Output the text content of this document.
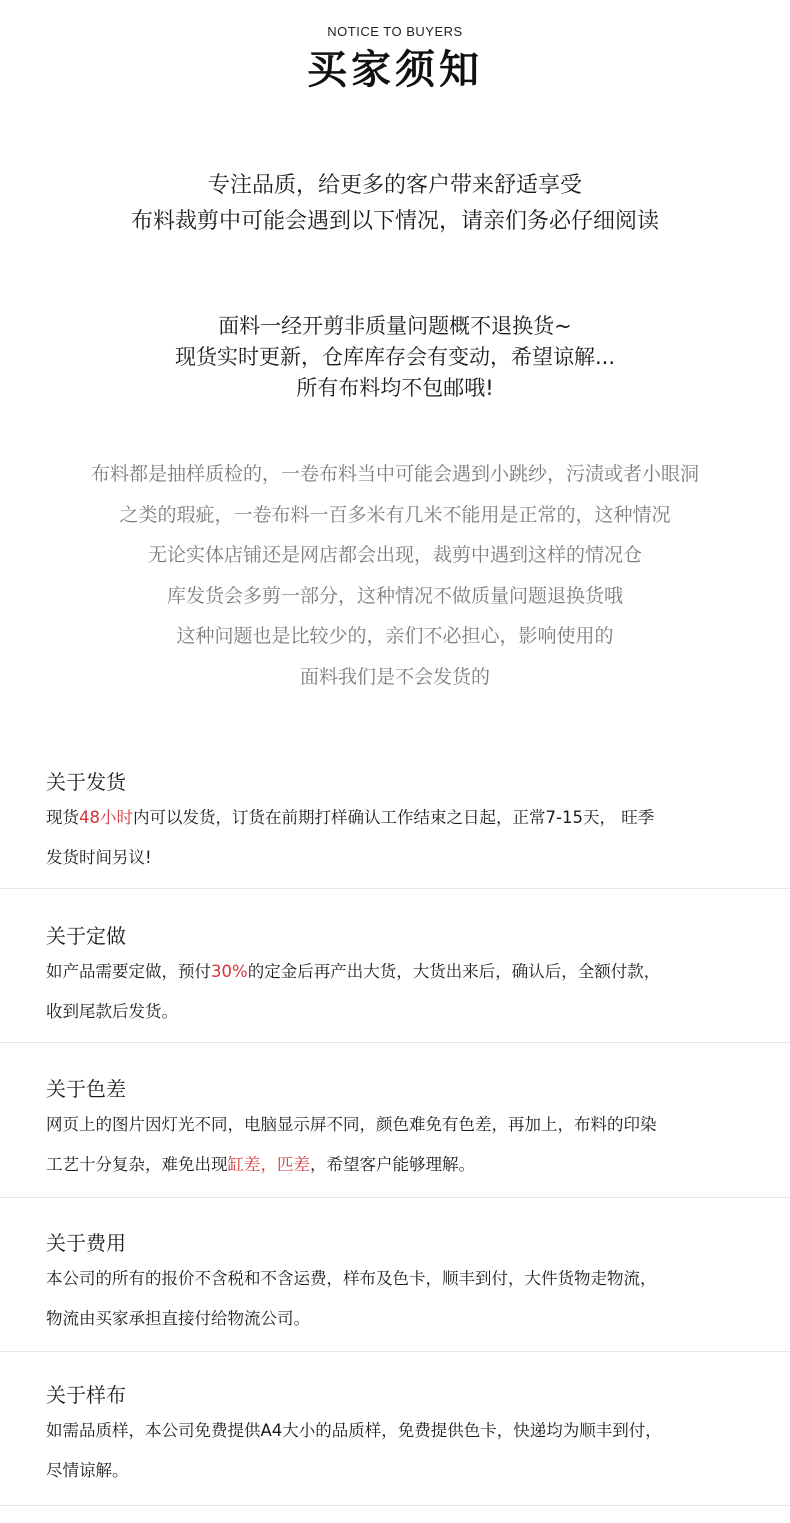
NOTICE TO BUYERS
买家须知
专注品质，给更多的客户带来舒适享受
布料裁剪中可能会遇到以下情况，请亲们务必仔细阅读
面料一经开剪非质量问题概不退换货~
现货实时更新，仓库库存会有变动，希望谅解...
所有布料均不包邮哦!
布料都是抽样质检的，一卷布料当中可能会遇到小跳纱，污渍或者小眼洞
之类的瑕疵，一卷布料一百多米有几米不能用是正常的，这种情况
无论实体店铺还是网店都会出现，裁剪中遇到这样的情况仓
库发货会多剪一部分，这种情况不做质量问题退换货哦
这种问题也是比较少的，亲们不必担心，影响使用的
面料我们是不会发货的
关于发货
现货48小时内可以发货，订货在前期打样确认工作结束之日起，正常7-15天， 旺季
发货时间另议!
关于定做
如产品需要定做，预付30%的定金后再产出大货，大货出来后，确认后，全额付款，
收到尾款后发货。
关于色差
网页上的图片因灯光不同，电脑显示屏不同，颜色难免有色差，再加上，布料的印染
工艺十分复杂，难免出现缸差，匹差，希望客户能够理解。
关于费用
本公司的所有的报价不含税和不含运费，样布及色卡，顺丰到付，大件货物走物流，
物流由买家承担直接付给物流公司。
关于样布
如需品质样，本公司免费提供A4大小的品质样，免费提供色卡，快递均为顺丰到付，
尽情谅解。
